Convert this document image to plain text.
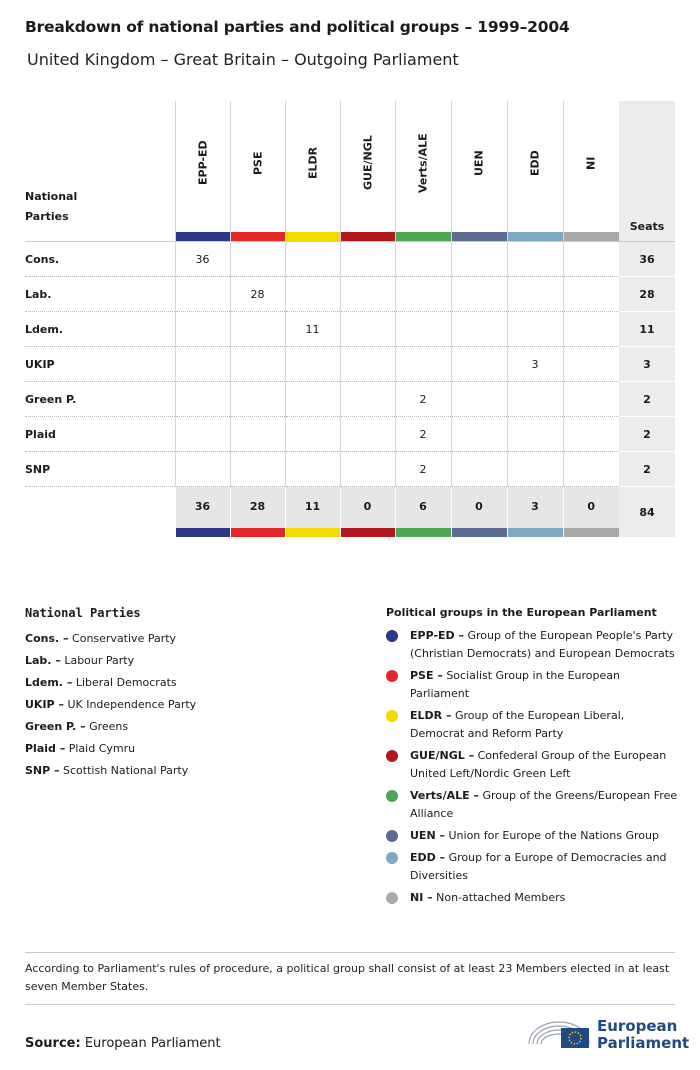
Breakdown of national parties and political groups – 1999–2004
United Kingdom – Great Britain – Outgoing Parliament
National
Parties	EPP-ED	PSE	ELDR	GUE/NGL	Verts/ALE	UEN	EDD	NI	Seats
Cons.	36								36
Lab.		28							28
Ldem.			11						11
UKIP							3		3
Green P.					2				2
Plaid					2				2
SNP					2				2

	36	28	11	0	6	0	3	0	84
National Parties
Cons. – Conservative Party
Lab. – Labour Party
Ldem. – Liberal Democrats
UKIP – UK Independence Party
Green P. – Greens
Plaid – Plaid Cymru
SNP – Scottish National Party
Political groups in the European Parliament
EPP-ED – Group of the European People's Party (Christian Democrats) and European Democrats
PSE – Socialist Group in the European Parliament
ELDR – Group of the European Liberal, Democrat and Reform Party
GUE/NGL – Confederal Group of the European United Left/Nordic Green Left
Verts/ALE – Group of the Greens/European Free Alliance
UEN – Union for Europe of the Nations Group
EDD – Group for a Europe of Democracies and Diversities
NI – Non-attached Members
According to Parliament's rules of procedure, a political group shall consist of at least 23 Members elected in at least seven Member States.
Source: European Parliament
European
Parliament
